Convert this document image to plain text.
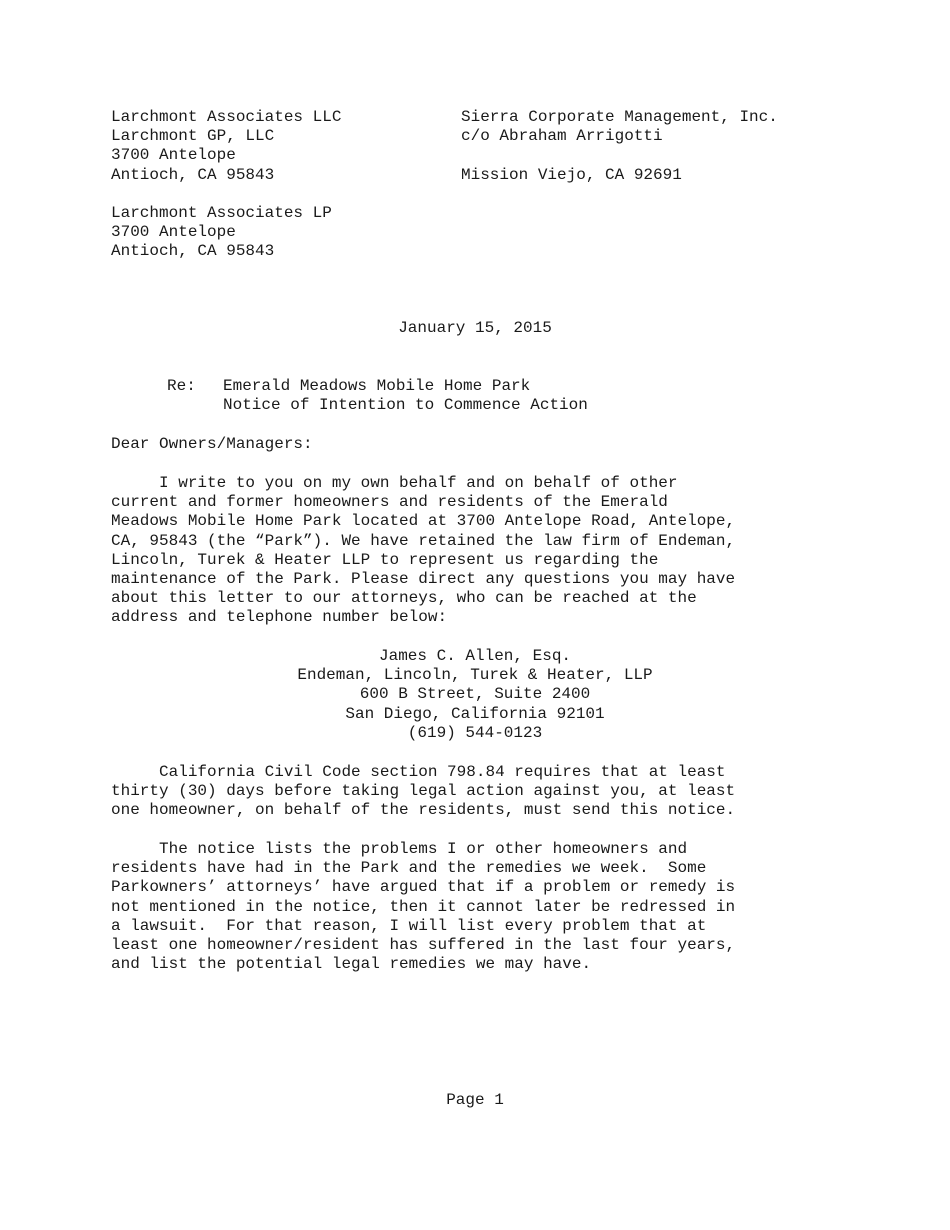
Larchmont Associates LLC
Larchmont GP, LLC
3700 Antelope
Antioch, CA 95843
Sierra Corporate Management, Inc.
c/o Abraham Arrigotti
Mission Viejo, CA 92691
Larchmont Associates LP
3700 Antelope
Antioch, CA 95843
January 15, 2015
Re: Emerald Meadows Mobile Home Park
Notice of Intention to Commence Action
Dear Owners/Managers:
I write to you on my own behalf and on behalf of other
current and former homeowners and residents of the Emerald
Meadows Mobile Home Park located at 3700 Antelope Road, Antelope,
CA, 95843 (the “Park”). We have retained the law firm of Endeman,
Lincoln, Turek & Heater LLP to represent us regarding the
maintenance of the Park. Please direct any questions you may have
about this letter to our attorneys, who can be reached at the
address and telephone number below:
James C. Allen, Esq.
Endeman, Lincoln, Turek & Heater, LLP
600 B Street, Suite 2400
San Diego, California 92101
(619) 544-0123
California Civil Code section 798.84 requires that at least
thirty (30) days before taking legal action against you, at least
one homeowner, on behalf of the residents, must send this notice.
The notice lists the problems I or other homeowners and
residents have had in the Park and the remedies we week.  Some
Parkowners’ attorneys’ have argued that if a problem or remedy is
not mentioned in the notice, then it cannot later be redressed in
a lawsuit.  For that reason, I will list every problem that at
least one homeowner/resident has suffered in the last four years,
and list the potential legal remedies we may have.
Page 1
